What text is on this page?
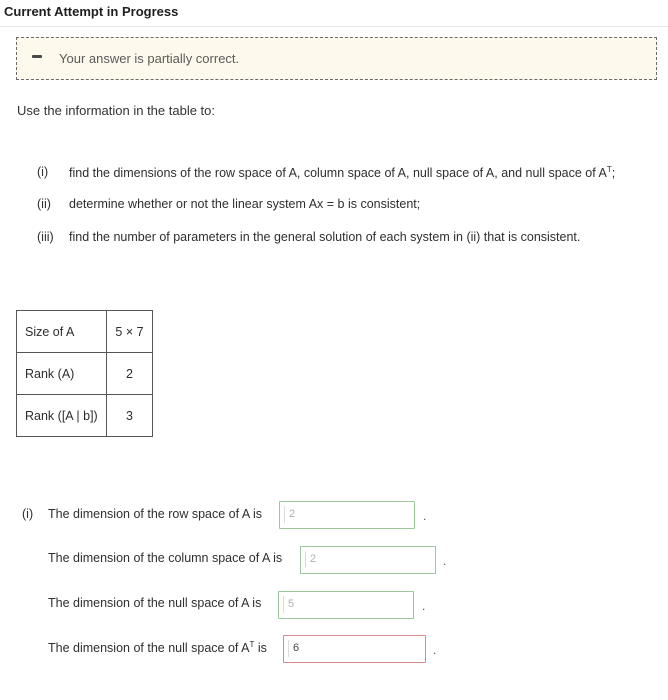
Current Attempt in Progress
Your answer is partially correct.
Use the information in the table to:
(i) find the dimensions of the row space of A, column space of A, null space of A, and null space of $A^T$;
(ii) determine whether or not the linear system Ax = b is consistent;
(iii) find the number of parameters in the general solution of each system in (ii) that is consistent.
Size of A	5 × 7
Rank (A)	2
Rank ([A | b])	3
(i) The dimension of the row space of A is	2	.
The dimension of the column space of A is	2	.
The dimension of the null space of A is	5	.
The dimension of the null space of $A^T$ is	6	.
